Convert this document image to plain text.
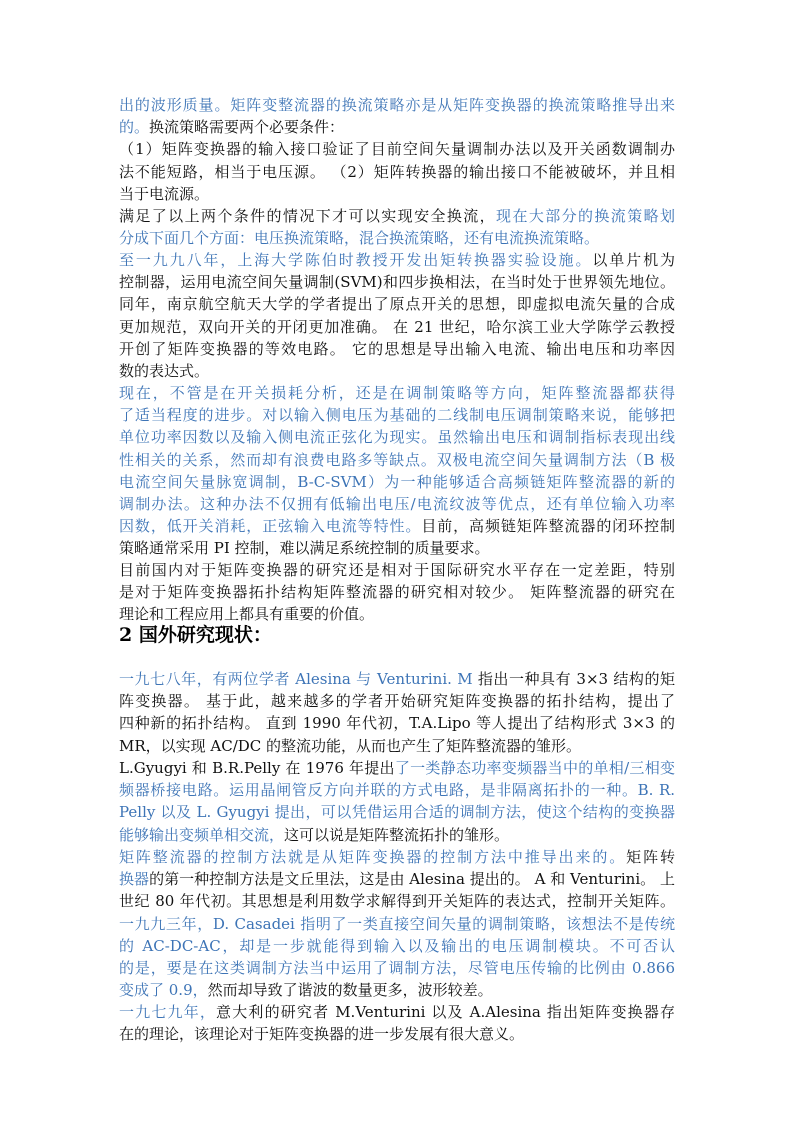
出的波形质量。矩阵变整流器的换流策略亦是从矩阵变换器的换流策略推导出来
的。换流策略需要两个必要条件：
（1）矩阵变换器的输入接口验证了目前空间矢量调制办法以及开关函数调制办
法不能短路，相当于电压源。 （2）矩阵转换器的输出接口不能被破坏，并且相
当于电流源。
满足了以上两个条件的情况下才可以实现安全换流，现在大部分的换流策略划
分成下面几个方面：电压换流策略，混合换流策略，还有电流换流策略。
至一九九八年，上海大学陈伯时教授开发出矩转换器实验设施。以单片机为
控制器，运用电流空间矢量调制(SVM)和四步换相法，在当时处于世界领先地位。
同年，南京航空航天大学的学者提出了原点开关的思想，即虚拟电流矢量的合成
更加规范，双向开关的开闭更加准确。 在 21 世纪，哈尔滨工业大学陈学云教授
开创了矩阵变换器的等效电路。 它的思想是导出输入电流、输出电压和功率因
数的表达式。
现在，不管是在开关损耗分析，还是在调制策略等方向，矩阵整流器都获得
了适当程度的进步。对以输入侧电压为基础的二线制电压调制策略来说，能够把
单位功率因数以及输入侧电流正弦化为现实。虽然输出电压和调制指标表现出线
性相关的关系，然而却有浪费电路多等缺点。双极电流空间矢量调制方法（B 极
电流空间矢量脉宽调制，B-C-SVM）为一种能够适合高频链矩阵整流器的新的
调制办法。这种办法不仅拥有低输出电压/电流纹波等优点，还有单位输入功率
因数，低开关消耗，正弦输入电流等特性。目前，高频链矩阵整流器的闭环控制
策略通常采用 PI 控制，难以满足系统控制的质量要求。
目前国内对于矩阵变换器的研究还是相对于国际研究水平存在一定差距，特别
是对于矩阵变换器拓扑结构矩阵整流器的研究相对较少。 矩阵整流器的研究在
理论和工程应用上都具有重要的价值。
2 国外研究现状：
一九七八年，有两位学者 Alesina 与 Venturini. M 指出一种具有 3×3 结构的矩
阵变换器。 基于此，越来越多的学者开始研究矩阵变换器的拓扑结构，提出了
四种新的拓扑结构。 直到 1990 年代初，T.A.Lipo 等人提出了结构形式 3×3 的
MR，以实现 AC/DC 的整流功能，从而也产生了矩阵整流器的雏形。
L.Gyugyi 和 B.R.Pelly 在 1976 年提出了一类静态功率变频器当中的单相/三相变
频器桥接电路。运用晶闸管反方向并联的方式电路，是非隔离拓扑的一种。B. R.
Pelly 以及 L. Gyugyi 提出，可以凭借运用合适的调制方法，使这个结构的变换器
能够输出变频单相交流，这可以说是矩阵整流拓扑的雏形。
矩阵整流器的控制方法就是从矩阵变换器的控制方法中推导出来的。矩阵转
换器的第一种控制方法是文丘里法，这是由 Alesina 提出的。 A 和 Venturini。 上
世纪 80 年代初。其思想是利用数学求解得到开关矩阵的表达式，控制开关矩阵。
一九九三年，D. Casadei 指明了一类直接空间矢量的调制策略，该想法不是传统
的 AC-DC-AC，却是一步就能得到输入以及输出的电压调制模块。不可否认
的是，要是在这类调制方法当中运用了调制方法，尽管电压传输的比例由 0.866
变成了 0.9，然而却导致了谐波的数量更多，波形较差。
一九七九年，意大利的研究者 M.Venturini 以及 A.Alesina 指出矩阵变换器存
在的理论，该理论对于矩阵变换器的进一步发展有很大意义。
